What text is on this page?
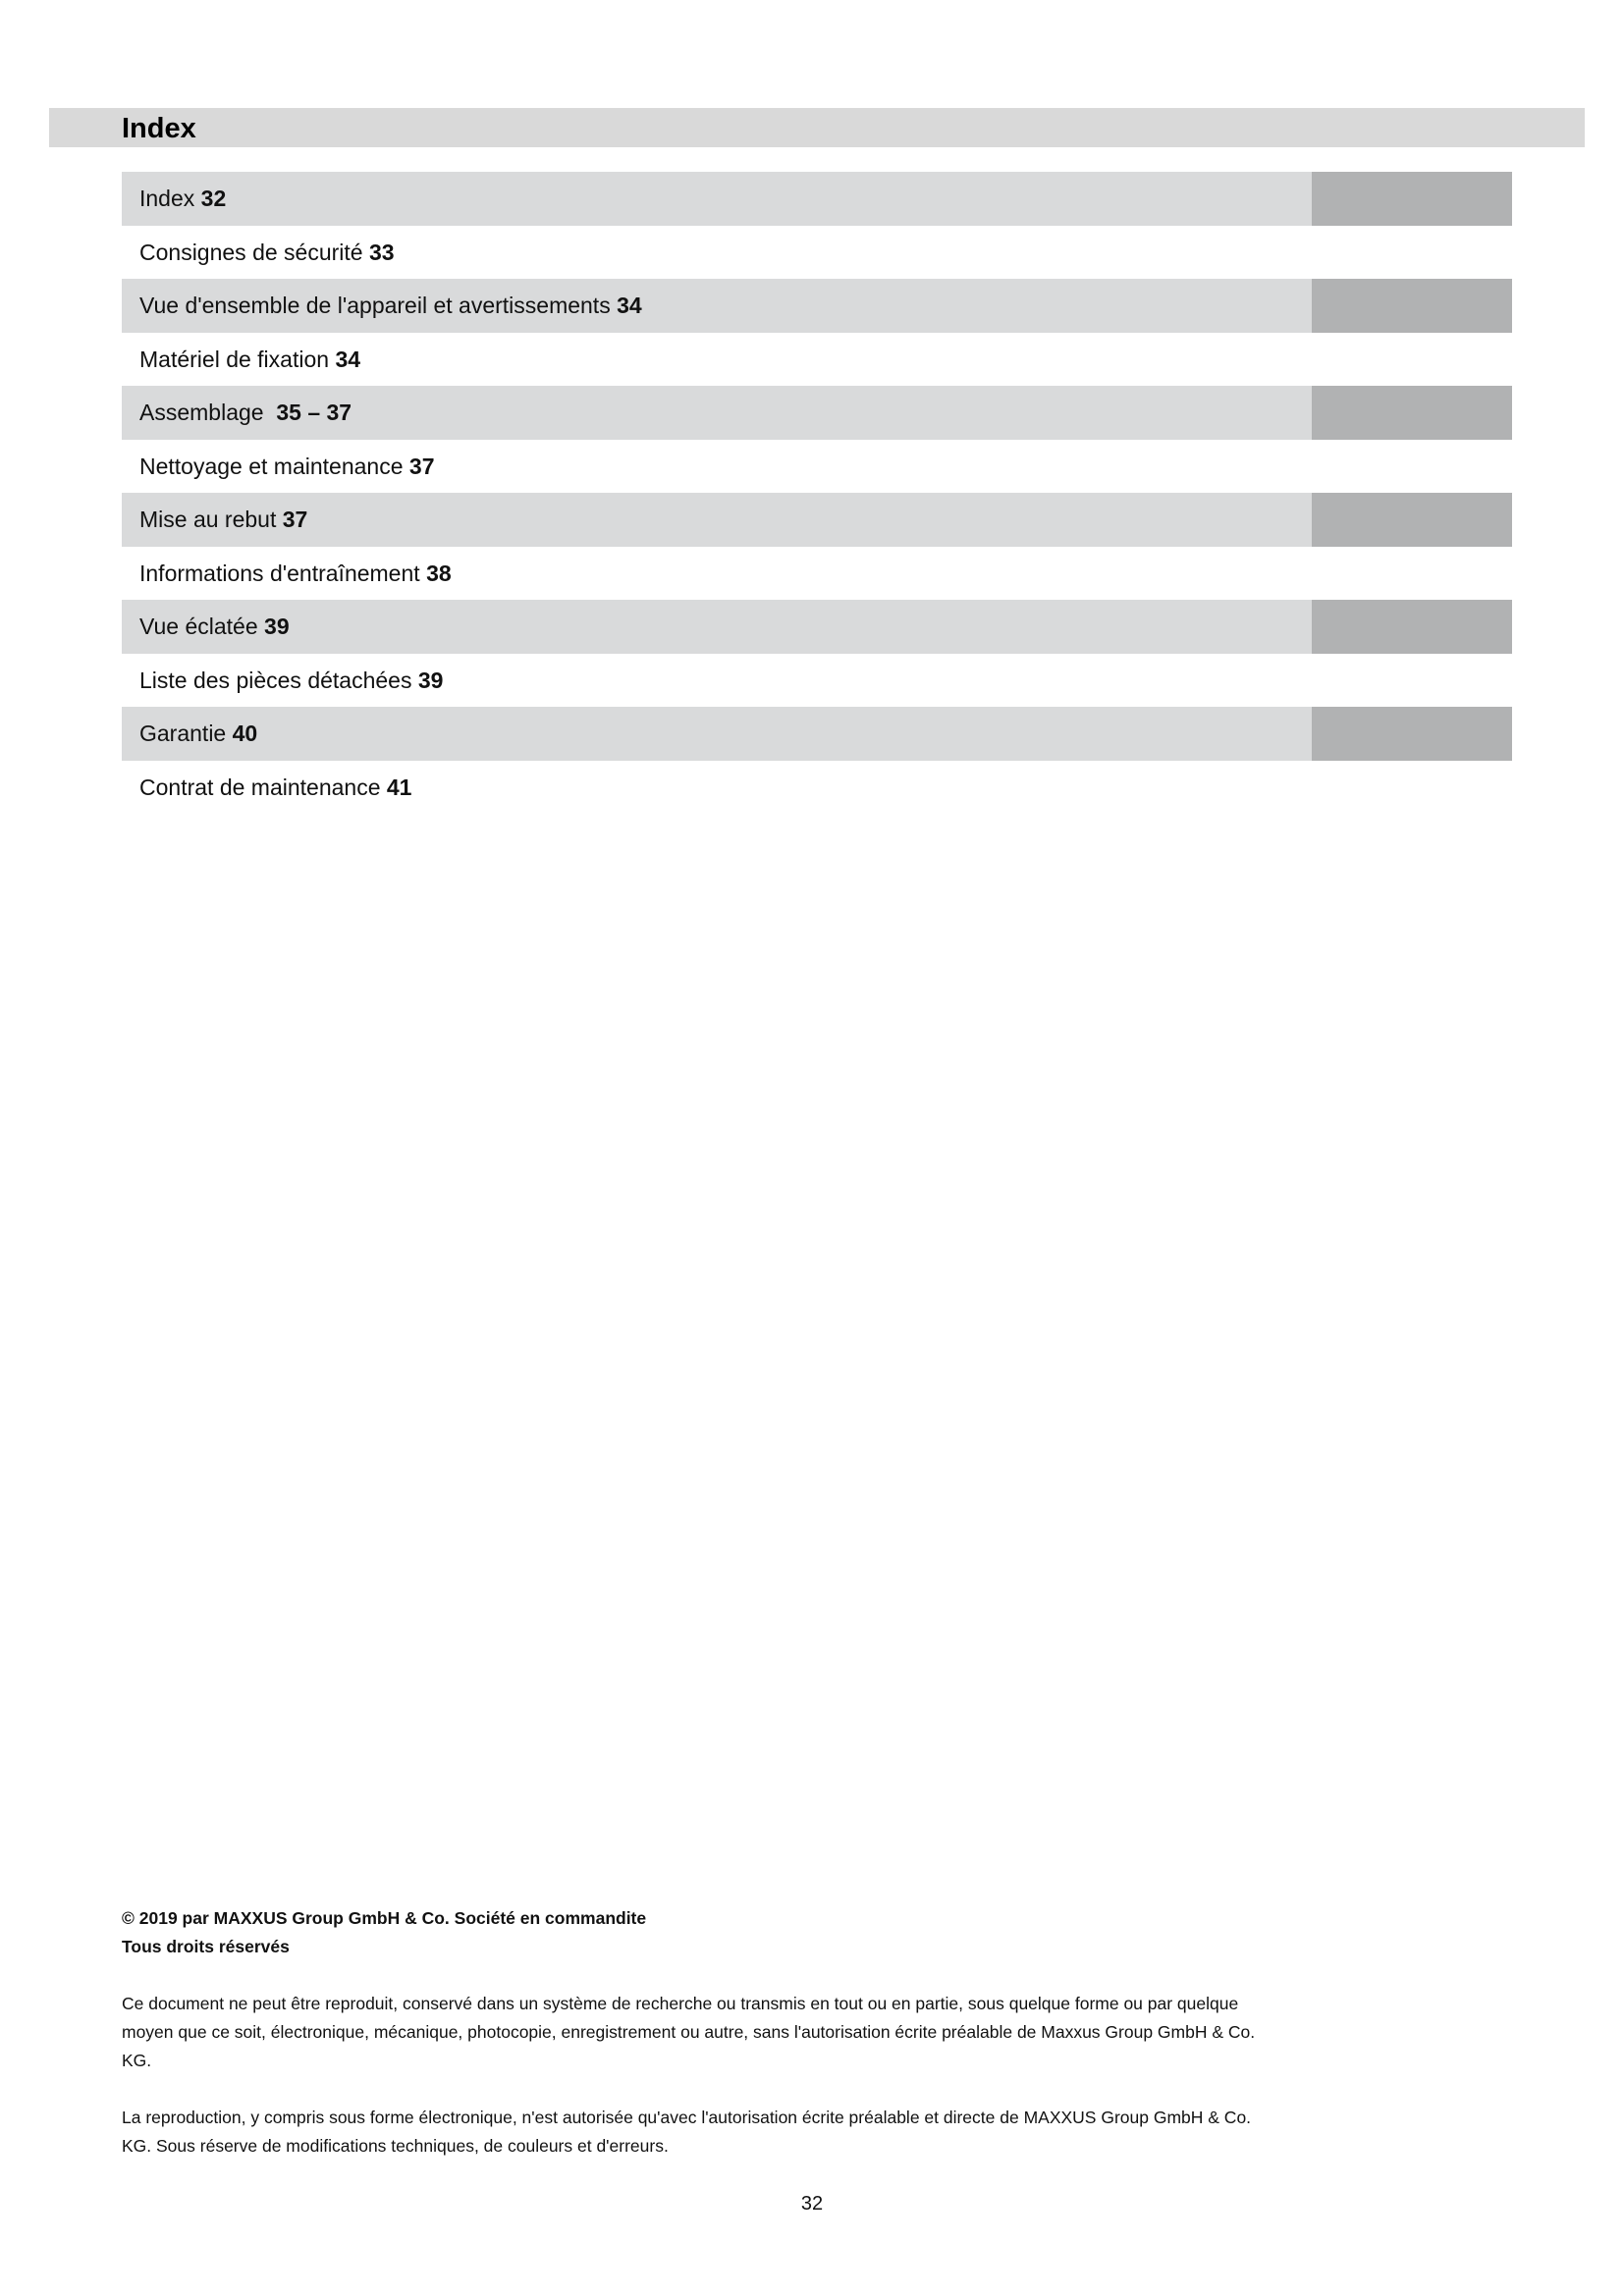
Index
Index 32
Consignes de sécurité 33
Vue d'ensemble de l'appareil et avertissements 34
Matériel de fixation 34
Assemblage  35 – 37
Nettoyage et maintenance 37
Mise au rebut 37
Informations d'entraînement 38
Vue éclatée 39
Liste des pièces détachées 39
Garantie 40
Contrat de maintenance 41

© 2019 par MAXXUS Group GmbH & Co. Société en commandite

Tous droits réservés

Ce document ne peut être reproduit, conservé dans un système de recherche ou transmis en tout ou en partie, sous quelque forme ou par quelque moyen que ce soit, électronique, mécanique, photocopie, enregistrement ou autre, sans l'autorisation écrite préalable de Maxxus Group GmbH & Co. KG.

La reproduction, y compris sous forme électronique, n'est autorisée qu'avec l'autorisation écrite préalable et directe de MAXXUS Group GmbH & Co. KG. Sous réserve de modifications techniques, de couleurs et d'erreurs.

32
